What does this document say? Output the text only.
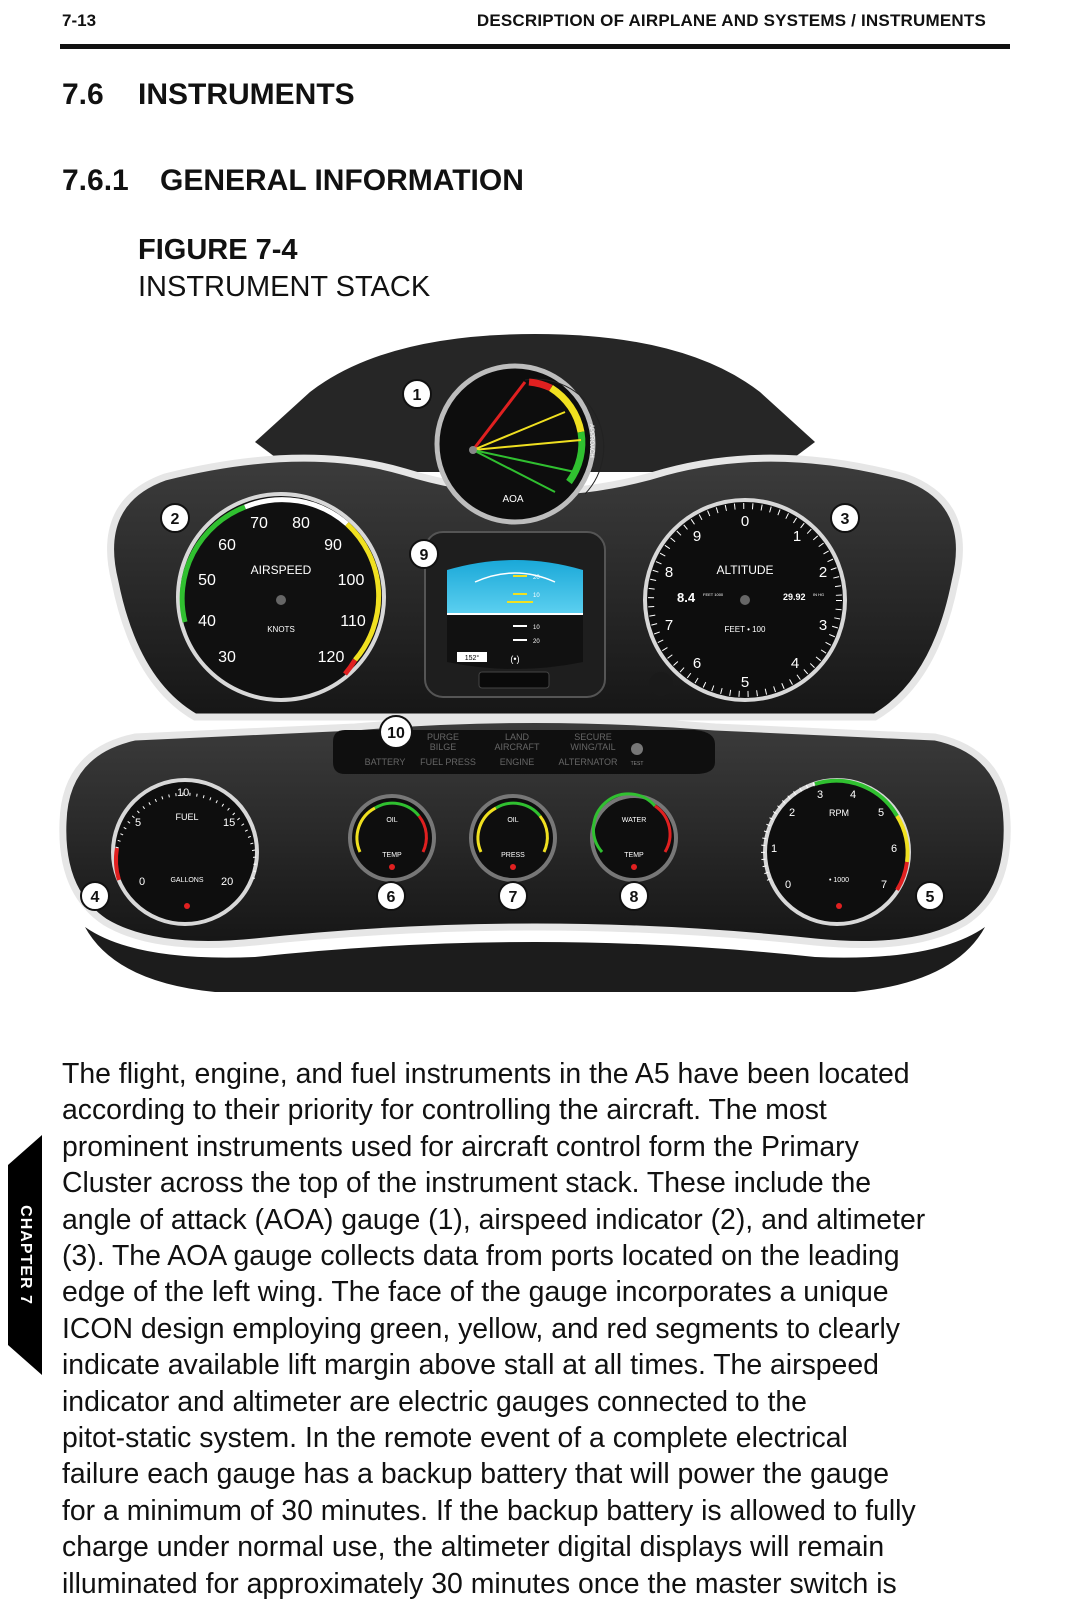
7-13	DESCRIPTION OF AIRPLANE AND SYSTEMS / INSTRUMENTS
7.6 INSTRUMENTS
7.6.1 GENERAL INFORMATION
FIGURE 7-4
INSTRUMENT STACK
AOA
APPROACH
30
40
50
60
70 80
90
100
110
120
AIRSPEED
KNOTS
0
1
2
3
4
5
6
7
8
9
ALTITUDE
8.4 FEET 1000	29.92 IN HG
FEET • 100
20
10
10
20
152°	(•)
PURGE
BILGE
LAND
AIRCRAFT
SECURE
WING/TAIL
BATTERY FUEL PRESS	ENGINE	ALTERNATOR	TEST
0
5
10
15
20
FUEL
GALLONS
OIL
TEMP
OIL
PRESS
WATER
TEMP
0
1
2
3 4
5
6
7
RPM
• 1000
1
2	3
4	5
6	7	8
9
10

The flight, engine, and fuel instruments in the A5 have been located

according to their priority for controlling the aircraft. The most

prominent instruments used for aircraft control form the Primary

Cluster across the top of the instrument stack. These include the

angle of attack (AOA) gauge (1), airspeed indicator (2), and altimeter

(3). The AOA gauge collects data from ports located on the leading

edge of the left wing. The face of the gauge incorporates a unique

ICON design employing green, yellow, and red segments to clearly

indicate available lift margin above stall at all times. The airspeed

indicator and altimeter are electric gauges connected to the

pitot-static system. In the remote event of a complete electrical

failure each gauge has a backup battery that will power the gauge

for a minimum of 30 minutes. If the backup battery is allowed to fully

charge under normal use, the altimeter digital displays will remain

illuminated for approximately 30 minutes once the master switch is

CHAPTER 7
